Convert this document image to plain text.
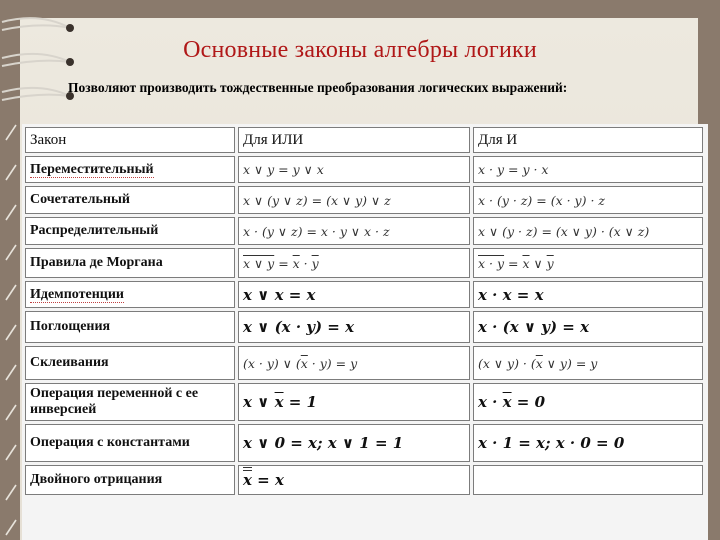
Основные законы алгебры логики
Позволяют производить тождественные преобразования логических выражений:
Закон	Для ИЛИ	Для И
Переместительный	x ∨ y = y ∨ x	x · y = y · x
Сочетательный	x ∨ (y ∨ z) = (x ∨ y) ∨ z	x · (y · z) = (x · y) · z
Распределительный	x · (y ∨ z) = x · y ∨ x · z	x ∨ (y · z) = (x ∨ y) · (x ∨ z)
Правила де Моргана	x ∨ $y = \overline{x} \cdot \overline{y}$	$x \cdot y = \overline{x}$ ∨ $\overline{y}$
Идемпотенции	x ∨ x = x	x · x = x
Поглощения	x ∨ (x · y) = x	x · (x ∨ y) = x
Склеивания	(x · y) ∨ $(\overline{x} \cdot y) = y$	(x ∨ $y) \cdot (\overline{x}$ ∨ y) = y
Операция переменной с ее инверсией	x ∨ $\overline{x} = 1$	$x \cdot \overline{x} = 0$
Операция с константами	x ∨ 0 = x; x ∨ 1 = 1	x · 1 = x; x · 0 = 0
Двойного отрицания	x = x	
